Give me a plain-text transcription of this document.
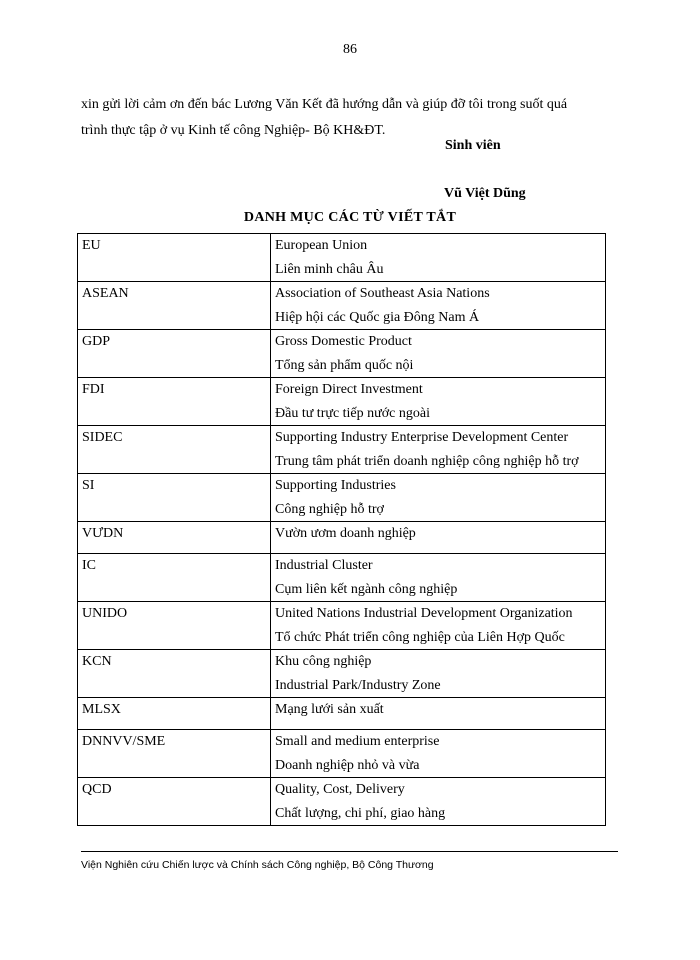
86
xin gửi lời cảm ơn đến bác Lương Văn Kết đã hướng dẫn và giúp đỡ tôi trong suốt quá
trình thực tập ở vụ Kinh tế công Nghiệp- Bộ KH&ĐT.
Sinh viên
Vũ Việt Dũng
DANH MỤC CÁC TỪ VIẾT TẮT
EU	European Union
Liên minh châu Âu

ASEAN	Association of Southeast Asia Nations
Hiệp hội các Quốc gia Đông Nam Á

GDP	Gross Domestic Product
Tổng sản phẩm quốc nội

FDI	Foreign Direct Investment
Đầu tư trực tiếp nước ngoài

SIDEC	Supporting Industry Enterprise Development Center
Trung tâm phát triển doanh nghiệp công nghiệp hỗ trợ

SI	Supporting Industries
Công nghiệp hỗ trợ

VƯDN	Vườn ươm doanh nghiệp

IC	Industrial Cluster
Cụm liên kết ngành công nghiệp

UNIDO	United Nations Industrial Development Organization
Tổ chức Phát triển công nghiệp của Liên Hợp Quốc

KCN	Khu công nghiệp
Industrial Park/Industry Zone

MLSX	Mạng lưới sản xuất

DNNVV/SME	Small and medium enterprise
Doanh nghiệp nhỏ và vừa

QCD	Quality, Cost, Delivery
Chất lượng, chi phí, giao hàng
Viện Nghiên cứu Chiến lược và Chính sách Công nghiệp, Bộ Công Thương
